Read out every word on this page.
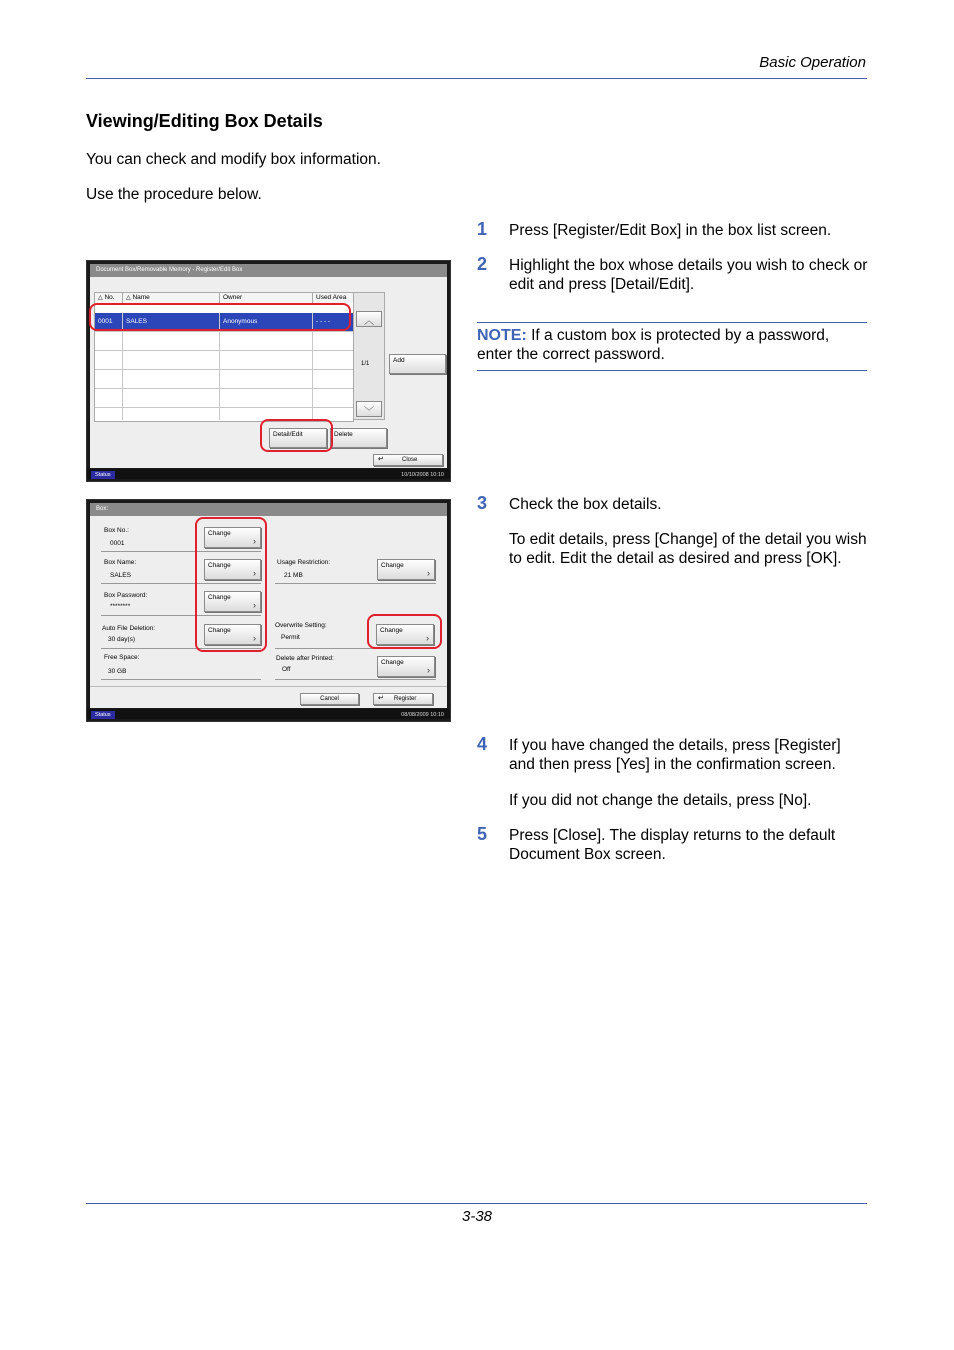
Basic Operation
Viewing/Editing Box Details
You can check and modify box information.
Use the procedure below.
1 Press [Register/Edit Box] in the box list screen.
2 Highlight the box whose details you wish to check or edit and press [Detail/Edit].
NOTE: If a custom box is protected by a password, enter the correct password.
3 Check the box details.
To edit details, press [Change] of the detail you wish to edit. Edit the detail as desired and press [OK].
4 If you have changed the details, press [Register] and then press [Yes] in the confirmation screen.
If you did not change the details, press [No].
5 Press [Close]. The display returns to the default Document Box screen.
Document Box/Removable Memory - Register/Edit Box
△ No.	△ Name	Owner	Used Area
0001	SALES	Anonymous	- - - -	︿
1/1
﹀
Add
Detail/Edit	Delete
↵	Close
Status	10/10/2008 10:10
Box:
Box No.:
0001
Change
›
Box Name:
SALES
Change
›
Box Password:
********
Change
›
Auto File Deletion:
30 day(s)
Change
›
Free Space:
30 GB
Usage Restriction:
21 MB
Change
›
Overwrite Setting:
Permit
Change
›
Delete after Printed:
Off
Change
›
Cancel	↵ Register
Status	08/08/2009 10:10
3-38
